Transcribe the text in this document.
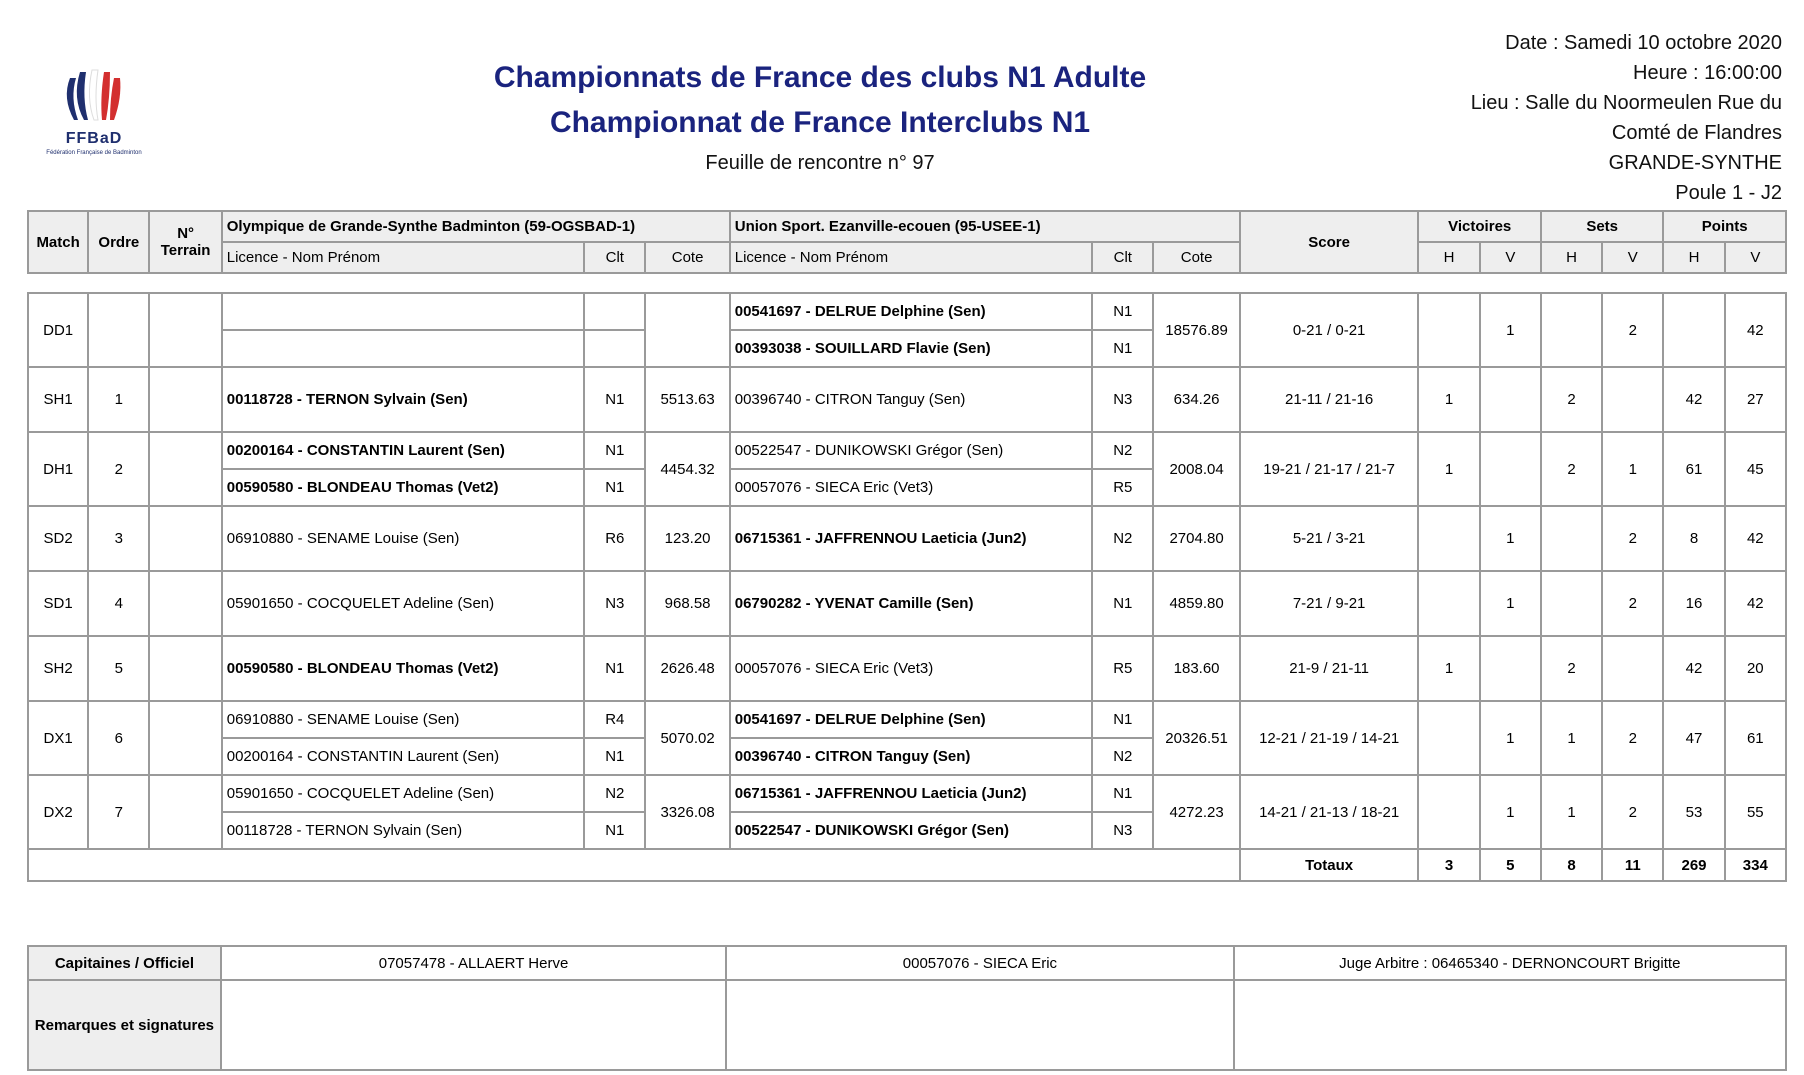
FFBaD
Fédération Française de Badminton
Championnats de France des clubs N1 Adulte
Championnat de France Interclubs N1
Feuille de rencontre n° 97
Date : Samedi 10 octobre 2020
Heure : 16:00:00
Lieu : Salle du Noormeulen Rue du
Comté de Flandres
GRANDE-SYNTHE
Poule 1 - J2
Match	Ordre	N° Terrain	Olympique de Grande-Synthe Badminton (59-OGSBAD-1)			Union Sport. Ezanville-ecouen (95-USEE-1)			Score	Victoires		Sets		Points	
			Licence - Nom Prénom	Clt	Cote	Licence - Nom Prénom	Clt	Cote		H	V	H	V	H	V
DD1						00541697 - DELRUE Delphine (Sen)	N1	18576.89	0-21 / 0-21		1		2		42
						00393038 - SOUILLARD Flavie (Sen)	N1								
SH1	1		00118728 - TERNON Sylvain (Sen)	N1	5513.63	00396740 - CITRON Tanguy (Sen)	N3	634.26	21-11 / 21-16	1		2		42	27
DH1	2		00200164 - CONSTANTIN Laurent (Sen)	N1	4454.32	00522547 - DUNIKOWSKI Grégor (Sen)	N2	2008.04	19-21 / 21-17 / 21-7	1		2	1	61	45
			00590580 - BLONDEAU Thomas (Vet2)	N1		00057076 - SIECA Eric (Vet3)	R5								
SD2	3		06910880 - SENAME Louise (Sen)	R6	123.20	06715361 - JAFFRENNOU Laeticia (Jun2)	N2	2704.80	5-21 / 3-21		1		2	8	42
SD1	4		05901650 - COCQUELET Adeline (Sen)	N3	968.58	06790282 - YVENAT Camille (Sen)	N1	4859.80	7-21 / 9-21		1		2	16	42
SH2	5		00590580 - BLONDEAU Thomas (Vet2)	N1	2626.48	00057076 - SIECA Eric (Vet3)	R5	183.60	21-9 / 21-11	1		2		42	20
DX1	6		06910880 - SENAME Louise (Sen)	R4	5070.02	00541697 - DELRUE Delphine (Sen)	N1	20326.51	12-21 / 21-19 / 14-21		1	1	2	47	61
			00200164 - CONSTANTIN Laurent (Sen)	N1		00396740 - CITRON Tanguy (Sen)	N2								
DX2	7		05901650 - COCQUELET Adeline (Sen)	N2	3326.08	06715361 - JAFFRENNOU Laeticia (Jun2)	N1	4272.23	14-21 / 21-13 / 18-21		1	1	2	53	55
			00118728 - TERNON Sylvain (Sen)	N1		00522547 - DUNIKOWSKI Grégor (Sen)	N3								
									Totaux	3	5	8	11	269	334
Capitaines / Officiel	07057478 - ALLAERT Herve	00057076 - SIECA Eric	Juge Arbitre : 06465340 - DERNONCOURT Brigitte
Remarques et signatures			
